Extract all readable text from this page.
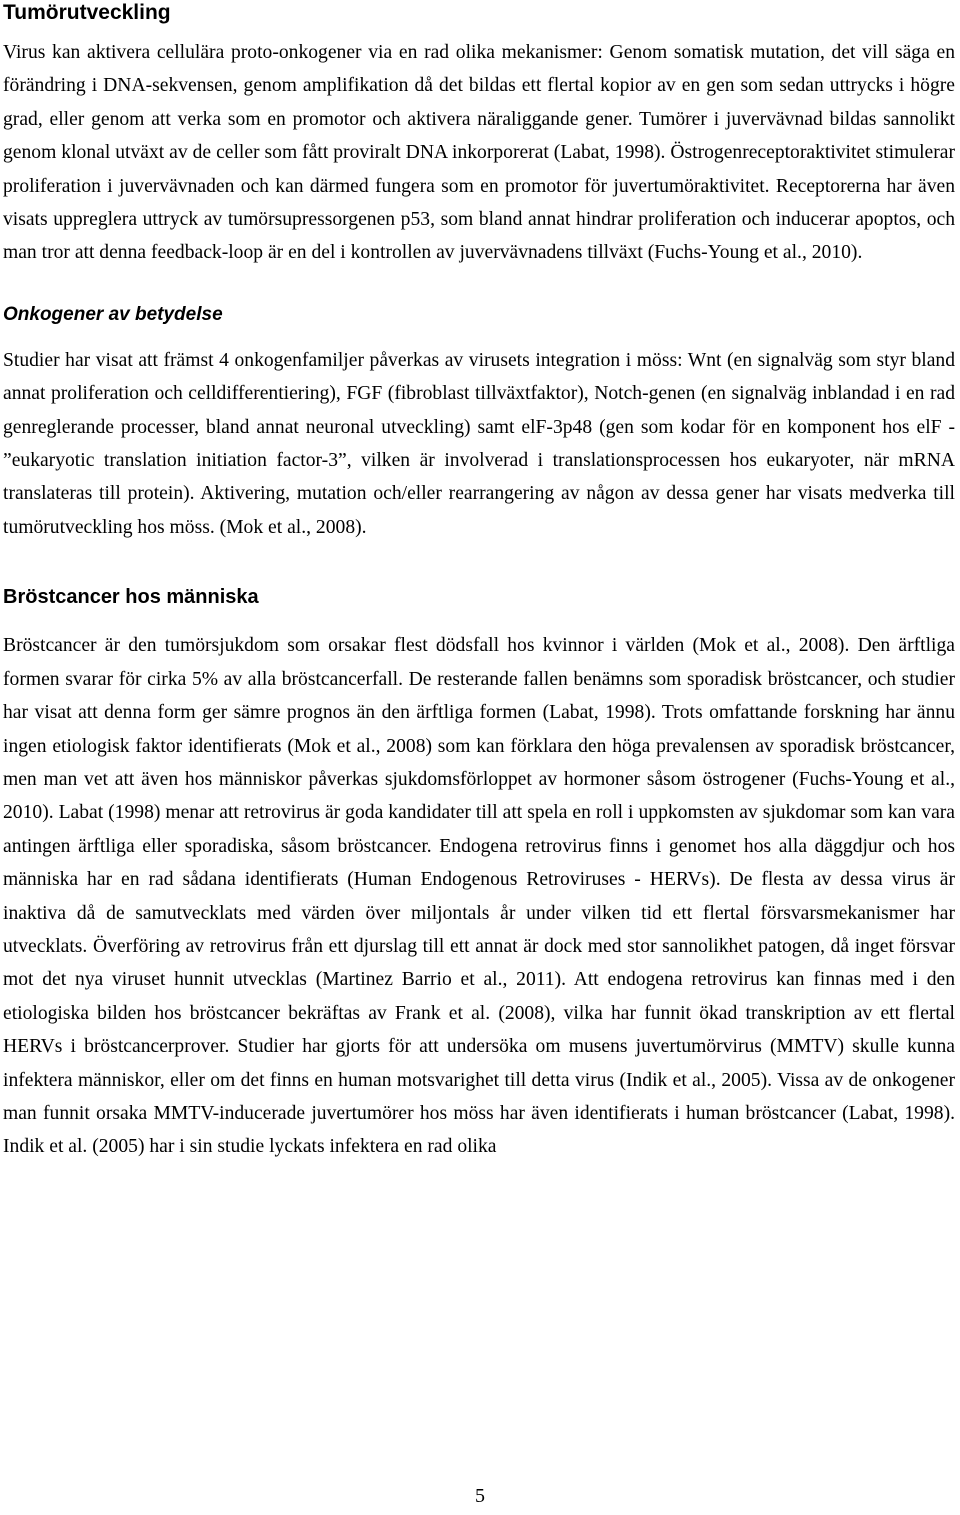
Tumörutveckling

Virus kan aktivera cellulära proto-onkogener via en rad olika mekanismer: Genom somatisk mutation, det vill säga en förändring i DNA-sekvensen, genom amplifikation då det bildas ett flertal kopior av en gen som sedan uttrycks i högre grad, eller genom att verka som en promotor och aktivera näraliggande gener. Tumörer i juvervävnad bildas sannolikt genom klonal utväxt av de celler som fått proviralt DNA inkorporerat (Labat, 1998). Östrogenreceptoraktivitet stimulerar proliferation i juvervävnaden och kan därmed fungera som en promotor för juvertumöraktivitet. Receptorerna har även visats uppreglera uttryck av tumörsupressorgenen p53, som bland annat hindrar proliferation och inducerar apoptos, och man tror att denna feedback-loop är en del i kontrollen av juvervävnadens tillväxt (Fuchs-Young et al., 2010).

Onkogener av betydelse

Studier har visat att främst 4 onkogenfamiljer påverkas av virusets integration i möss: Wnt (en signalväg som styr bland annat proliferation och celldifferentiering), FGF (fibroblast tillväxtfaktor), Notch-genen (en signalväg inblandad i en rad genreglerande processer, bland annat neuronal utveckling) samt elF-3p48 (gen som kodar för en komponent hos elF - ”eukaryotic translation initiation factor-3”, vilken är involverad i translationsprocessen hos eukaryoter, när mRNA translateras till protein). Aktivering, mutation och/eller rearrangering av någon av dessa gener har visats medverka till tumörutveckling hos möss. (Mok et al., 2008).

Bröstcancer hos människa

Bröstcancer är den tumörsjukdom som orsakar flest dödsfall hos kvinnor i världen (Mok et al., 2008). Den ärftliga formen svarar för cirka 5% av alla bröstcancerfall. De resterande fallen benämns som sporadisk bröstcancer, och studier har visat att denna form ger sämre prognos än den ärftliga formen (Labat, 1998). Trots omfattande forskning har ännu ingen etiologisk faktor identifierats (Mok et al., 2008) som kan förklara den höga prevalensen av sporadisk bröstcancer, men man vet att även hos människor påverkas sjukdomsförloppet av hormoner såsom östrogener (Fuchs-Young et al., 2010). Labat (1998) menar att retrovirus är goda kandidater till att spela en roll i uppkomsten av sjukdomar som kan vara antingen ärftliga eller sporadiska, såsom bröstcancer. Endogena retrovirus finns i genomet hos alla däggdjur och hos människa har en rad sådana identifierats (Human Endogenous Retroviruses - HERVs). De flesta av dessa virus är inaktiva då de samutvecklats med värden över miljontals år under vilken tid ett flertal försvarsmekanismer har utvecklats. Överföring av retrovirus från ett djurslag till ett annat är dock med stor sannolikhet patogen, då inget försvar mot det nya viruset hunnit utvecklas (Martinez Barrio et al., 2011). Att endogena retrovirus kan finnas med i den etiologiska bilden hos bröstcancer bekräftas av Frank et al. (2008), vilka har funnit ökad transkription av ett flertal HERVs i bröstcancerprover. Studier har gjorts för att undersöka om musens juvertumörvirus (MMTV) skulle kunna infektera människor, eller om det finns en human motsvarighet till detta virus (Indik et al., 2005). Vissa av de onkogener man funnit orsaka MMTV-inducerade juvertumörer hos möss har även identifierats i human bröstcancer (Labat, 1998). Indik et al. (2005) har i sin studie lyckats infektera en rad olika

5
